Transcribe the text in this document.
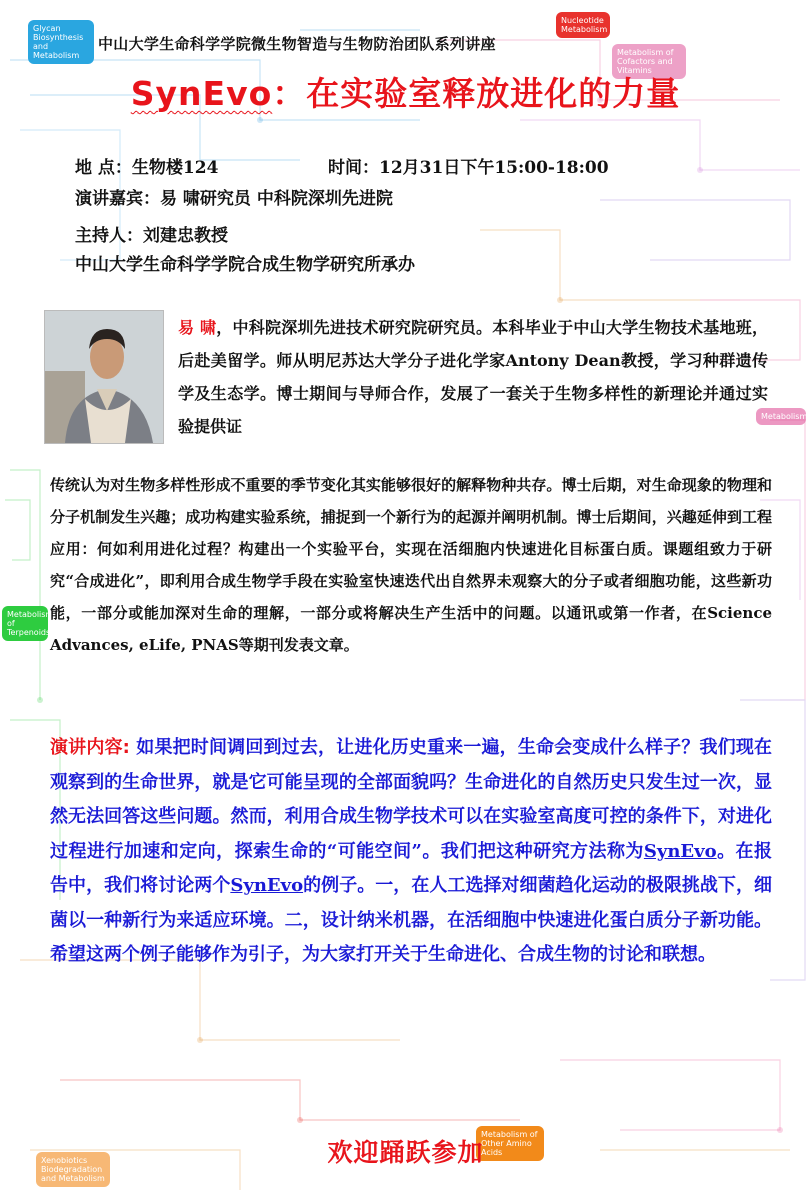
Glycan Biosynthesis and Metabolism
Nucleotide Metabolism
Metabolism of Cofactors and Vitamins
Metabolism
Metabolism of Terpenoids
Metabolism of Other Amino Acids
Xenobiotics Biodegradation and Metabolism
中山大学生命科学学院微生物智造与生物防治团队系列讲座
SynEvo：在实验室释放进化的力量
地 点：生物楼124	时间：12月31日下午15:00-18:00
演讲嘉宾：易 啸研究员 中科院深圳先进院
主持人：刘建忠教授
中山大学生命科学学院合成生物学研究所承办
易 啸，中科院深圳先进技术研究院研究员。本科毕业于中山大学生物技术基地班，后赴美留学。师从明尼苏达大学分子进化学家Antony Dean教授，学习种群遗传学及生态学。博士期间与导师合作，发展了一套关于生物多样性的新理论并通过实验提供证
传统认为对生物多样性形成不重要的季节变化其实能够很好的解释物种共存。博士后期，对生命现象的物理和分子机制发生兴趣；成功构建实验系统，捕捉到一个新行为的起源并阐明机制。博士后期间，兴趣延伸到工程应用：何如利用进化过程？构建出一个实验平台，实现在活细胞内快速进化目标蛋白质。课题组致力于研究“合成进化”，即利用合成生物学手段在实验室快速迭代出自然界未观察大的分子或者细胞功能，这些新功能，一部分或能加深对生命的理解，一部分或将解决生产生活中的问题。以通讯或第一作者，在Science Advances, eLife, PNAS等期刊发表文章。
演讲内容: 如果把时间调回到过去，让进化历史重来一遍，生命会变成什么样子？我们现在观察到的生命世界，就是它可能呈现的全部面貌吗？生命进化的自然历史只发生过一次，显然无法回答这些问题。然而，利用合成生物学技术可以在实验室高度可控的条件下，对进化过程进行加速和定向，探索生命的“可能空间”。我们把这种研究方法称为SynEvo。在报告中，我们将讨论两个SynEvo的例子。一，在人工选择对细菌趋化运动的极限挑战下，细菌以一种新行为来适应环境。二，设计纳米机器，在活细胞中快速进化蛋白质分子新功能。希望这两个例子能够作为引子，为大家打开关于生命进化、合成生物的讨论和联想。
欢迎踊跃参加
